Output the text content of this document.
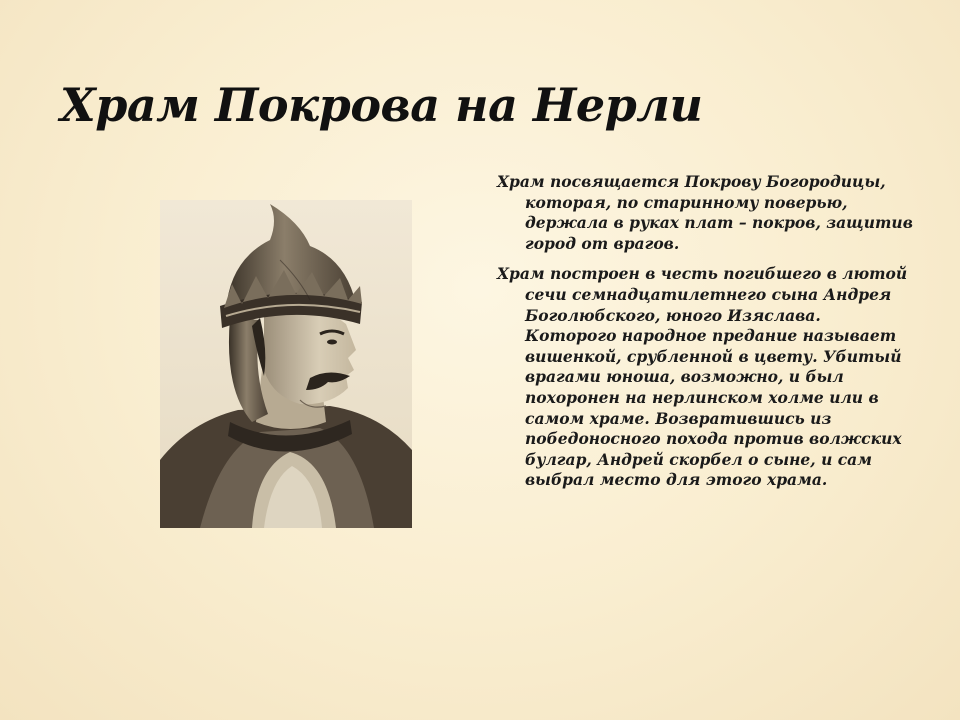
Храм Покрова на Нерли

Храм посвящается Покрову Богородицы, которая, по старинному поверью, держала в руках плат – покров, защитив город от врагов.

Храм построен в честь погибшего в лютой сечи семнадцатилетнего сына Андрея Боголюбского, юного Изяслава. Которого народное предание называет вишенкой, срубленной в цвету. Убитый врагами юноша, возможно, и был похоронен на нерлинском холме или в самом храме. Возвратившись из победоносного похода против волжских булгар, Андрей скорбел о сыне, и сам выбрал место для этого храма.
